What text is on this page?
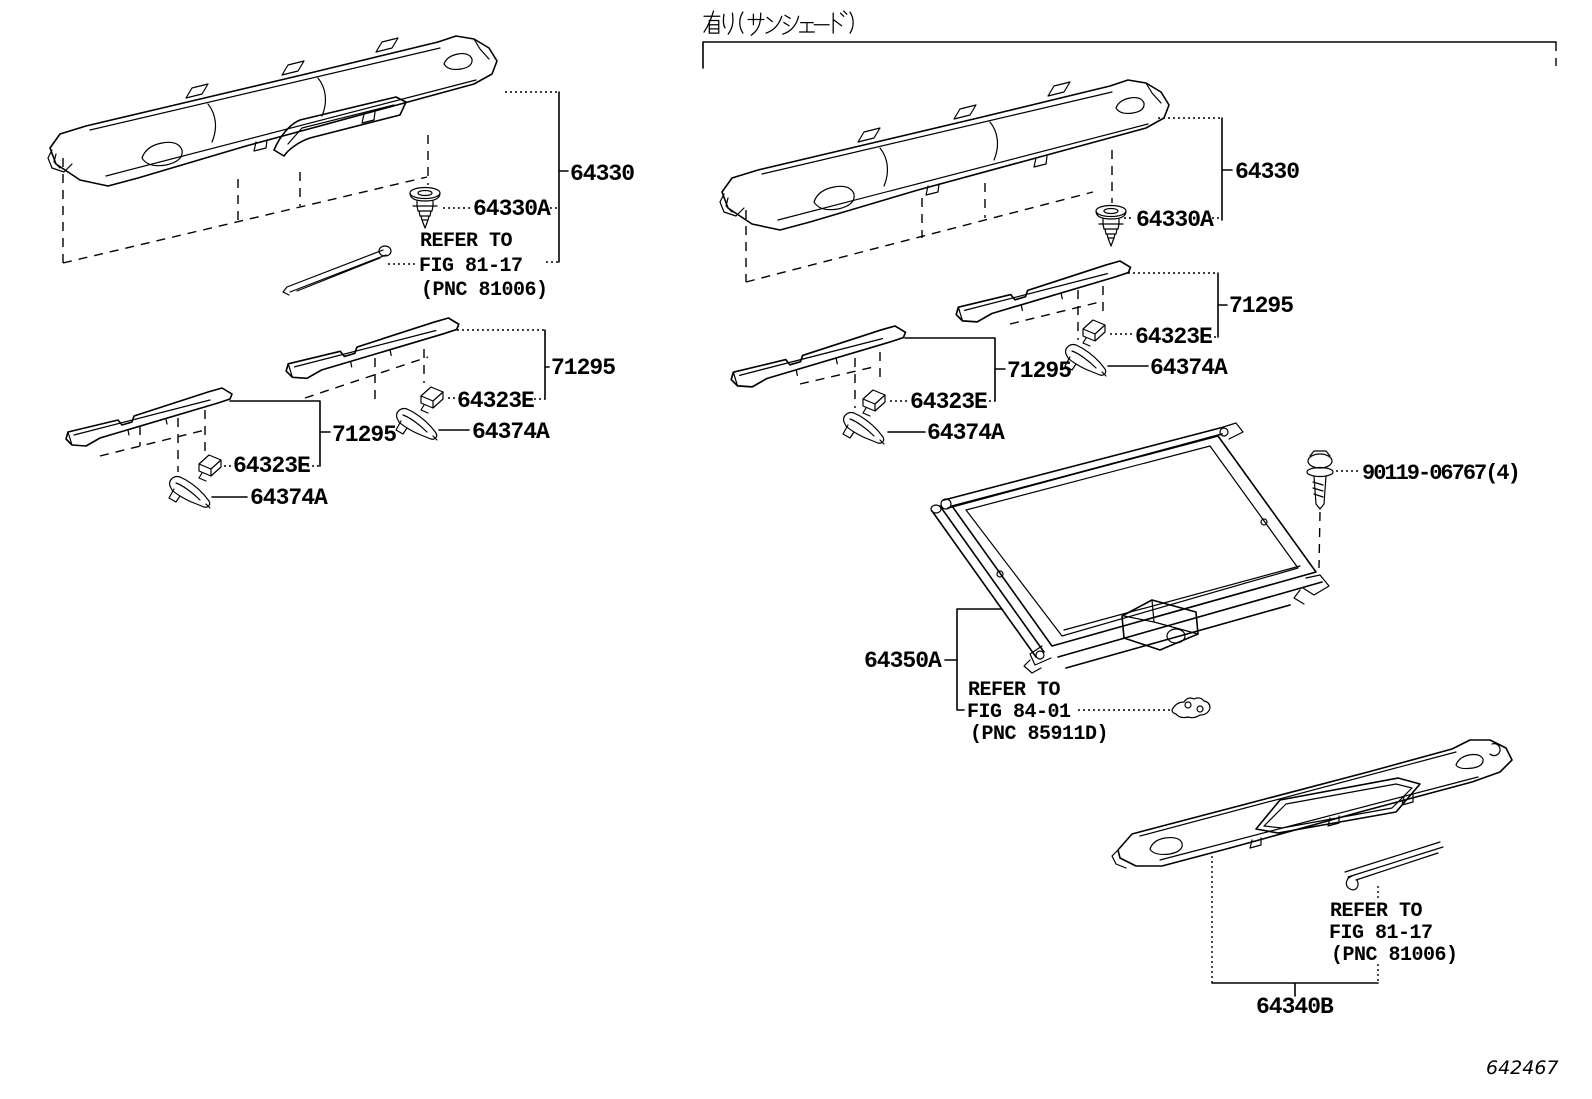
有り(サンシェード)
64330
64330A
REFER TO
FIG 81-17
(PNC 81006)
71295
64323E
64374A
71295
64323E
64374A
64330
64330A
71295
64323E
64374A
71295
64323E
64374A
90119-06767(4)
64350A
REFER TO
FIG 84-01
(PNC 85911D)
REFER TO
FIG 81-17
(PNC 81006)
64340B
642467
